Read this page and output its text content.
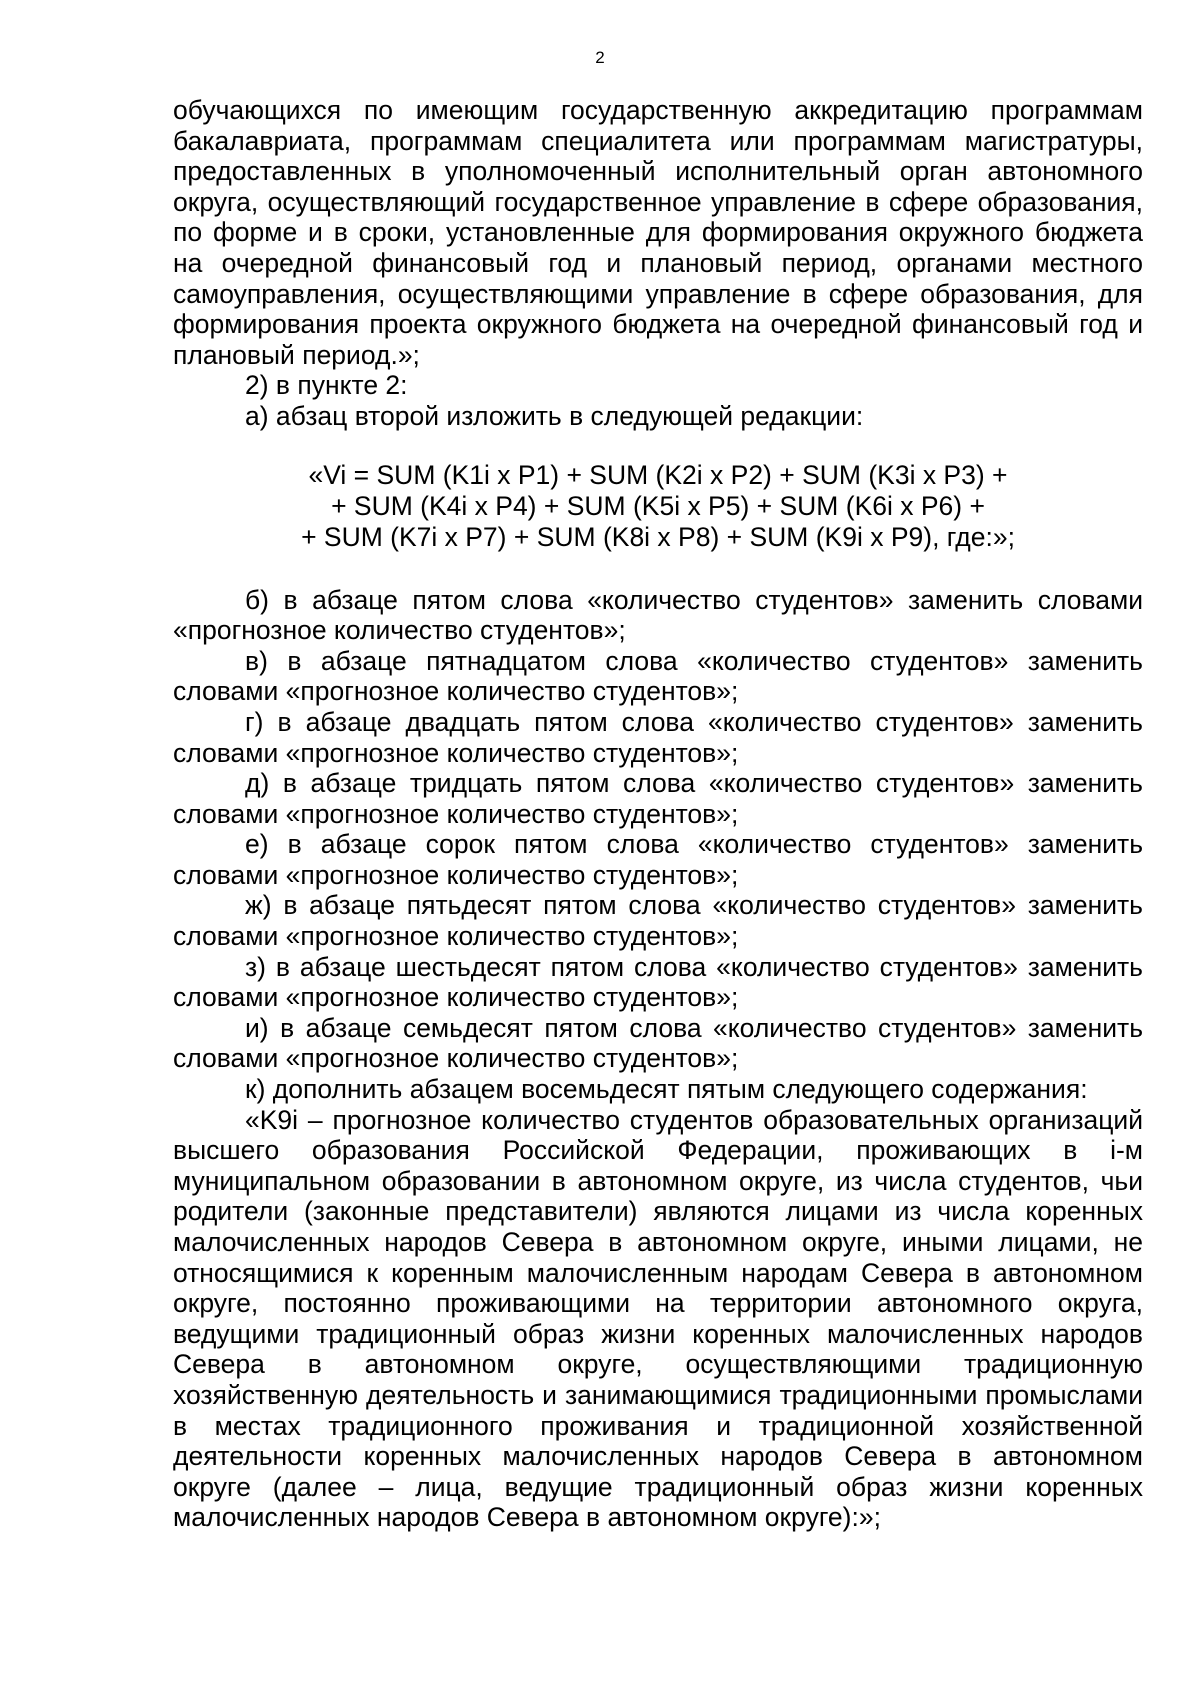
2

обучающихся по имеющим государственную аккредитацию программам бакалавриата, программам специалитета или программам магистратуры, предоставленных в уполномоченный исполнительный орган автономного округа, осуществляющий государственное управление в сфере образования, по форме и в сроки, установленные для формирования окружного бюджета на очередной финансовый год и плановый период, органами местного самоуправления, осуществляющими управление в сфере образования, для формирования проекта окружного бюджета на очередной финансовый год и плановый период.»;

2) в пункте 2:

а) абзац второй изложить в следующей редакции:

«Vi = SUM (K1i x P1) + SUM (K2i x P2) + SUM (K3i x P3) +
+ SUM (K4i x P4) + SUM (K5i x P5) + SUM (K6i x P6) +
+ SUM (K7i x P7) + SUM (K8i x P8) + SUM (K9i x P9), где:»;

б) в абзаце пятом слова «количество студентов» заменить словами «прогнозное количество студентов»;

в) в абзаце пятнадцатом слова «количество студентов» заменить словами «прогнозное количество студентов»;

г) в абзаце двадцать пятом слова «количество студентов» заменить словами «прогнозное количество студентов»;

д) в абзаце тридцать пятом слова «количество студентов» заменить словами «прогнозное количество студентов»;

е) в абзаце сорок пятом слова «количество студентов» заменить словами «прогнозное количество студентов»;

ж) в абзаце пятьдесят пятом слова «количество студентов» заменить словами «прогнозное количество студентов»;

з) в абзаце шестьдесят пятом слова «количество студентов» заменить словами «прогнозное количество студентов»;

и) в абзаце семьдесят пятом слова «количество студентов» заменить словами «прогнозное количество студентов»;

к) дополнить абзацем восемьдесят пятым следующего содержания:

«K9i – прогнозное количество студентов образовательных организаций высшего образования Российской Федерации, проживающих в i-м муниципальном образовании в автономном округе, из числа студентов, чьи родители (законные представители) являются лицами из числа коренных малочисленных народов Севера в автономном округе, иными лицами, не относящимися к коренным малочисленным народам Севера в автономном округе, постоянно проживающими на территории автономного округа, ведущими традиционный образ жизни коренных малочисленных народов Севера в автономном округе, осуществляющими традиционную хозяйственную деятельность и занимающимися традиционными промыслами в местах традиционного проживания и традиционной хозяйственной деятельности коренных малочисленных народов Севера в автономном округе (далее – лица, ведущие традиционный образ жизни коренных малочисленных народов Севера в автономном округе):»;
